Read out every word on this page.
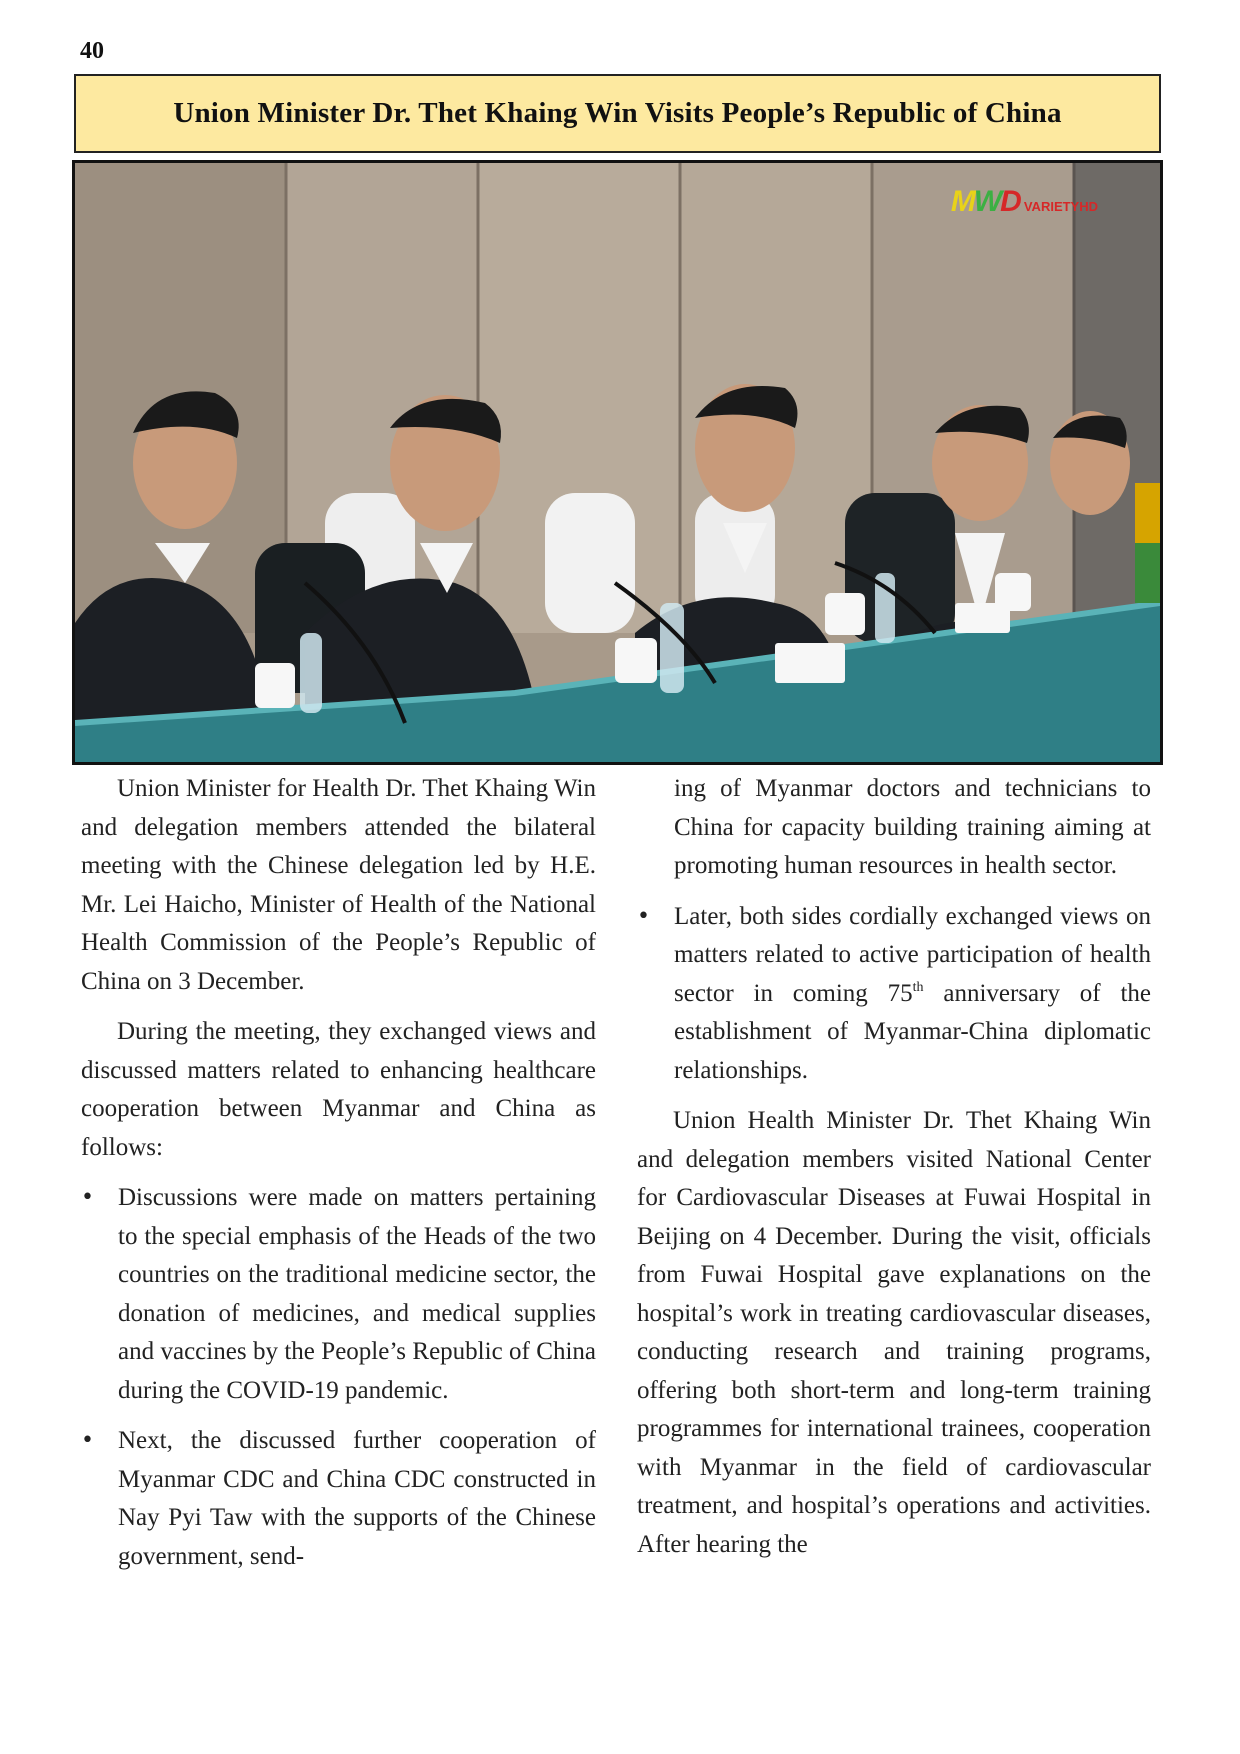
40
Union Minister Dr. Thet Khaing Win Visits People’s Republic of China
M
W
D VARIETYHD

Union Minister for Health Dr. Thet Khaing Win and delegation members attended the bilateral meeting with the Chinese delegation led by H.E. Mr. Lei Haicho, Minister of Health of the National Health Commission of the People’s Republic of China on 3 December.

During the meeting, they exchanged views and discussed matters related to enhancing healthcare cooperation between Myanmar and China as follows:

• Discussions were made on matters pertaining to the special emphasis of the Heads of the two countries on the traditional medicine sector, the donation of medicines, and medical supplies and vaccines by the People’s Republic of China during the COVID-19 pandemic.
• Next, the discussed further cooperation of Myanmar CDC and China CDC constructed in Nay Pyi Taw with the supports of the Chinese government, send-

ing of Myanmar doctors and technicians to China for capacity building training aiming at promoting human resources in health sector.

• Later, both sides cordially exchanged views on matters related to active participation of health sector in coming 75th anniversary of the establishment of Myanmar-China diplomatic relationships.

Union Health Minister Dr. Thet Khaing Win and delegation members visited National Center for Cardiovascular Diseases at Fuwai Hospital in Beijing on 4 December. During the visit, officials from Fuwai Hospital gave explanations on the hospital’s work in treating cardiovascular diseases, conducting research and training programs, offering both short-term and long-term training programmes for international trainees, cooperation with Myanmar in the field of cardiovascular treatment, and hospital’s operations and activities. After hearing the
